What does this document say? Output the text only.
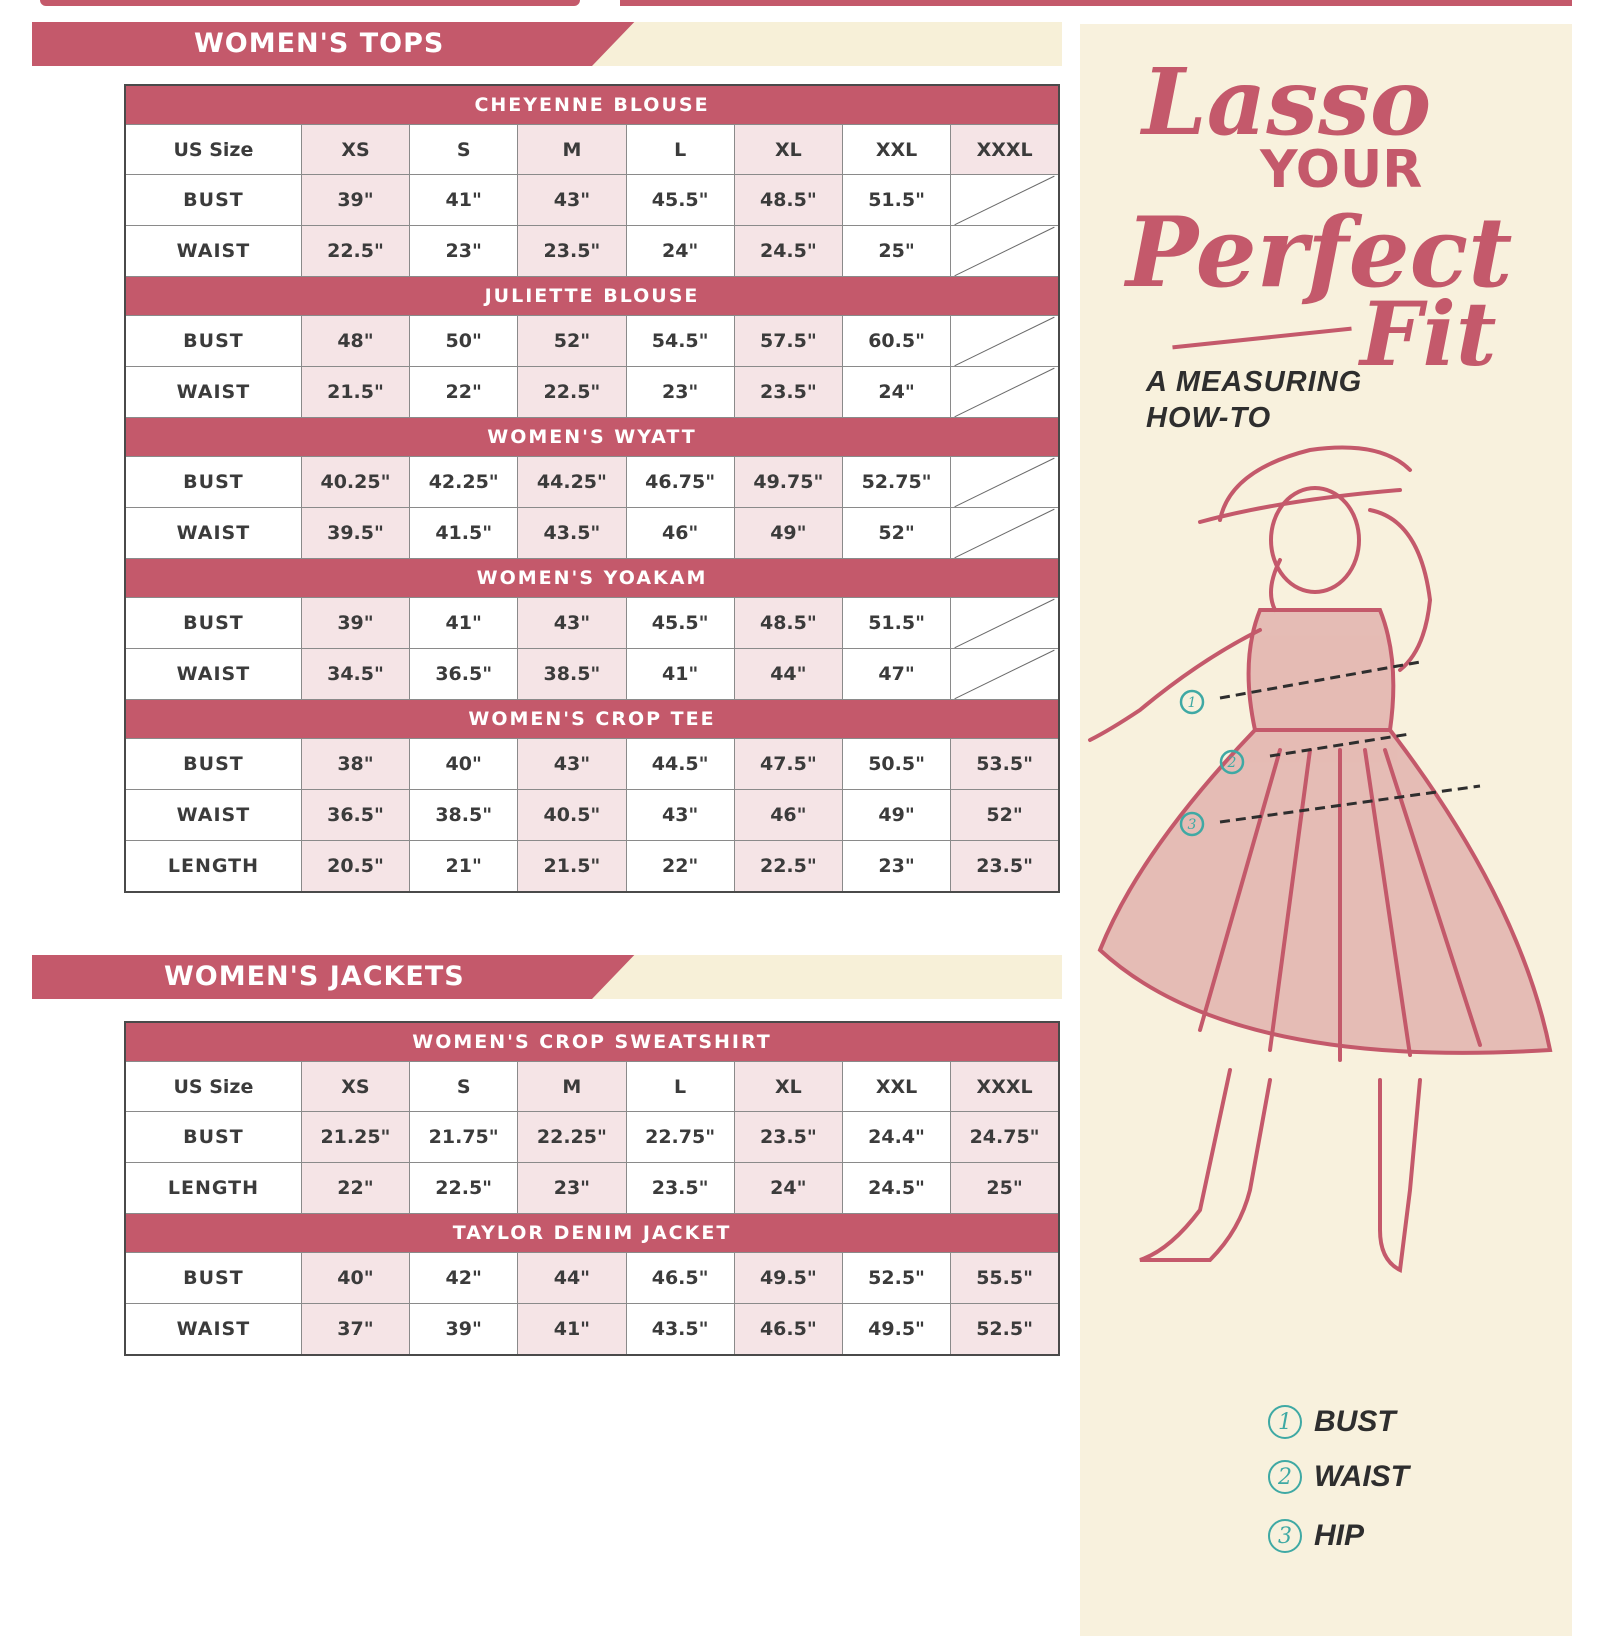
WOMEN'S TOPS
CHEYENNE BLOUSE							
US Size	XS	S	M	L	XL	XXL	XXXL
BUST	39"	41"	43"	45.5"	48.5"	51.5"	
WAIST	22.5"	23"	23.5"	24"	24.5"	25"	
JULIETTE BLOUSE							
BUST	48"	50"	52"	54.5"	57.5"	60.5"	
WAIST	21.5"	22"	22.5"	23"	23.5"	24"	
WOMEN'S WYATT							
BUST	40.25"	42.25"	44.25"	46.75"	49.75"	52.75"	
WAIST	39.5"	41.5"	43.5"	46"	49"	52"	
WOMEN'S YOAKAM							
BUST	39"	41"	43"	45.5"	48.5"	51.5"	
WAIST	34.5"	36.5"	38.5"	41"	44"	47"	
WOMEN'S CROP TEE							
BUST	38"	40"	43"	44.5"	47.5"	50.5"	53.5"
WAIST	36.5"	38.5"	40.5"	43"	46"	49"	52"
LENGTH	20.5"	21"	21.5"	22"	22.5"	23"	23.5"
WOMEN'S JACKETS
WOMEN'S CROP SWEATSHIRT							
US Size	XS	S	M	L	XL	XXL	XXXL
BUST	21.25"	21.75"	22.25"	22.75"	23.5"	24.4"	24.75"
LENGTH	22"	22.5"	23"	23.5"	24"	24.5"	25"
TAYLOR DENIM JACKET							
BUST	40"	42"	44"	46.5"	49.5"	52.5"	55.5"
WAIST	37"	39"	41"	43.5"	46.5"	49.5"	52.5"
Lasso
YOUR
Perfect
Fit
A MEASURING
HOW-TO
1
2
3
1 BUST
2 WAIST
3 HIP
